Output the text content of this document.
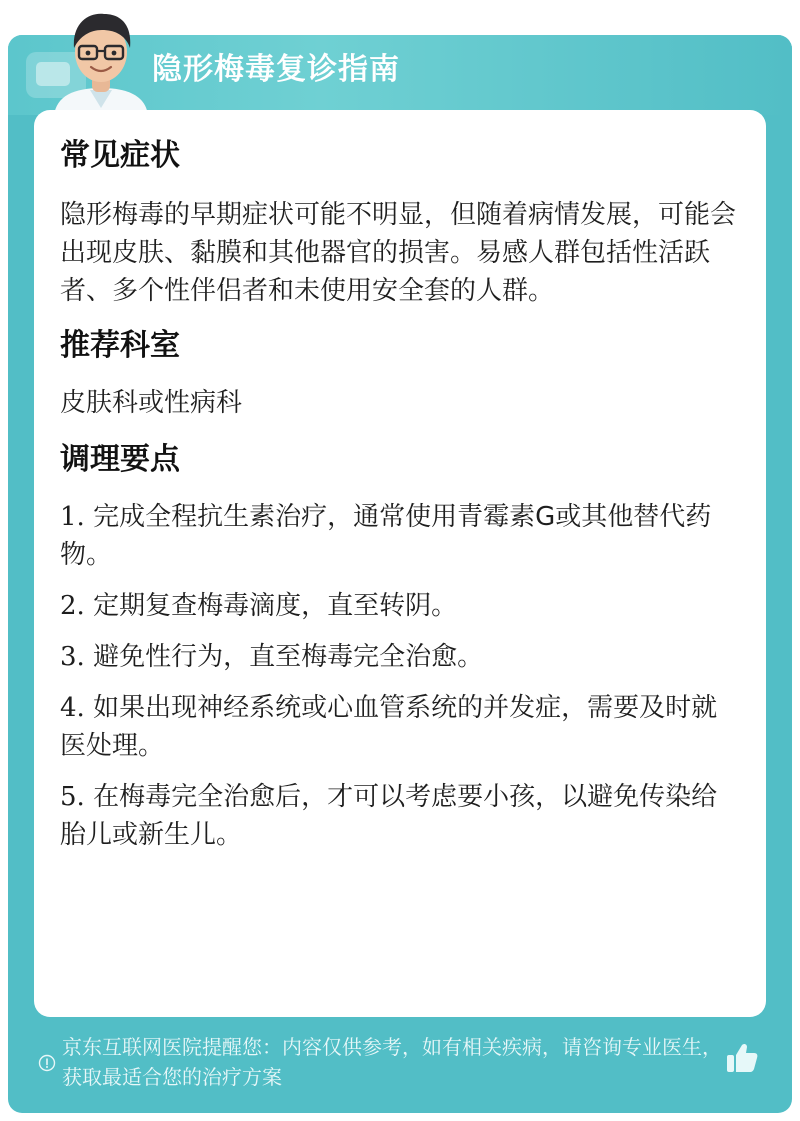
隐形梅毒复诊指南
常见症状
隐形梅毒的早期症状可能不明显，但随着病情发展，可能会出现皮肤、黏膜和其他器官的损害。易感人群包括性活跃者、多个性伴侣者和未使用安全套的人群。
推荐科室
皮肤科或性病科
调理要点
1. 完成全程抗生素治疗，通常使用青霉素G或其他替代药物。
2. 定期复查梅毒滴度，直至转阴。
3. 避免性行为，直至梅毒完全治愈。
4. 如果出现神经系统或心血管系统的并发症，需要及时就医处理。
5. 在梅毒完全治愈后，才可以考虑要小孩，以避免传染给胎儿或新生儿。
京东互联网医院提醒您：内容仅供参考，如有相关疾病，请咨询专业医生，获取最适合您的治疗方案
